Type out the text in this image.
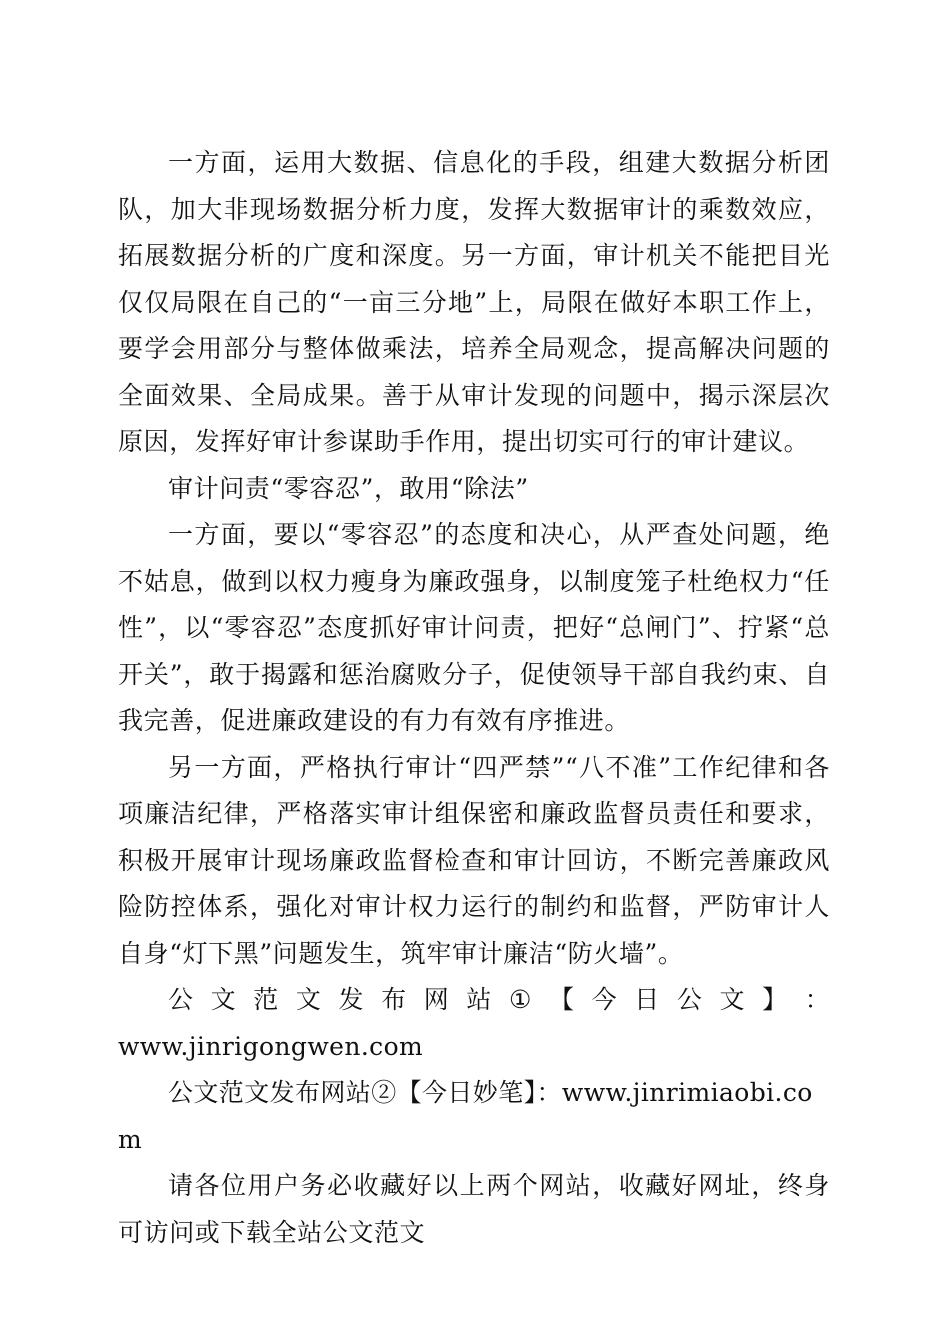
一方面，运用大数据、信息化的手段，组建大数据分析团队，加大非现场数据分析力度，发挥大数据审计的乘数效应，拓展数据分析的广度和深度。另一方面，审计机关不能把目光仅仅局限在自己的“一亩三分地”上，局限在做好本职工作上，要学会用部分与整体做乘法，培养全局观念，提高解决问题的全面效果、全局成果。善于从审计发现的问题中，揭示深层次原因，发挥好审计参谋助手作用，提出切实可行的审计建议。

审计问责“零容忍”，敢用“除法”

一方面，要以“零容忍”的态度和决心，从严查处问题，绝不姑息，做到以权力瘦身为廉政强身，以制度笼子杜绝权力“任性”，以“零容忍”态度抓好审计问责，把好“总闸门”、拧紧“总开关”，敢于揭露和惩治腐败分子，促使领导干部自我约束、自我完善，促进廉政建设的有力有效有序推进。

另一方面，严格执行审计“四严禁”“八不准”工作纪律和各项廉洁纪律，严格落实审计组保密和廉政监督员责任和要求，积极开展审计现场廉政监督检查和审计回访，不断完善廉政风险防控体系，强化对审计权力运行的制约和监督，严防审计人自身“灯下黑”问题发生，筑牢审计廉洁“防火墙”。

公 文 范 文 发 布 网 站 ① 【 今 日 公 文 】 ：

www.jinrigongwen.com

公文范文发布网站②【今日妙笔】：www.jinrimiaobi.com

请各位用户务必收藏好以上两个网站，收藏好网址，终身可访问或下载全站公文范文
